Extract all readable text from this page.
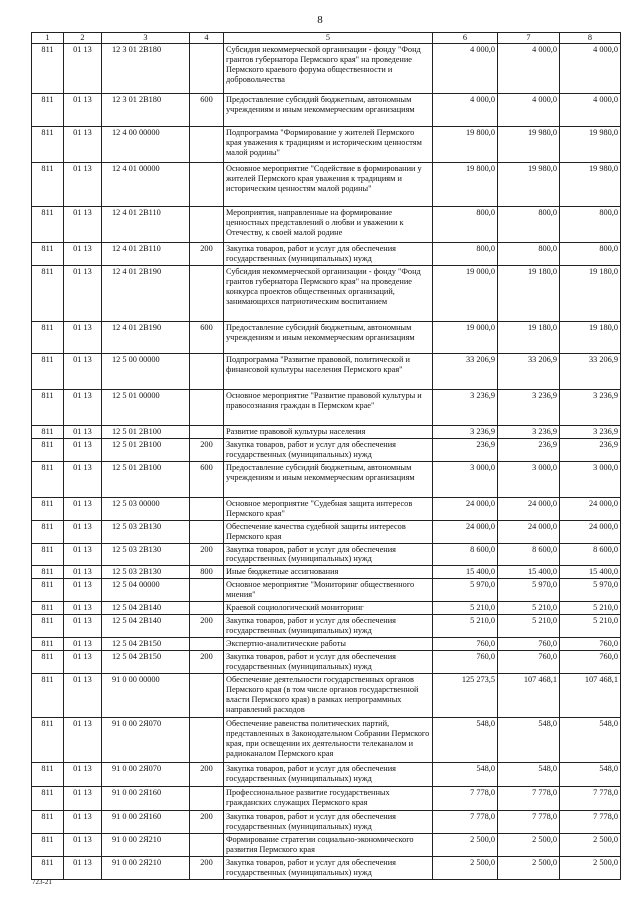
8
1	2	3	4	5	6	7	8
811	01 13	12 3 01 2В180		Субсидия некоммерческой организации - фонду "Фонд грантов губернатора Пермского края" на проведение Пермского краевого форума общественности и добровольчества	4 000,0	4 000,0	4 000,0
811	01 13	12 3 01 2В180	600	Предоставление субсидий бюджетным, автономным учреждениям и иным некоммерческим организациям	4 000,0	4 000,0	4 000,0
811	01 13	12 4 00 00000		Подпрограмма "Формирование у жителей Пермского края уважения к традициям и историческим ценностям малой родины"	19 800,0	19 980,0	19 980,0
811	01 13	12 4 01 00000		Основное мероприятие "Содействие в формировании у жителей Пермского края уважения к традициям и историческим ценностям малой родины"	19 800,0	19 980,0	19 980,0
811	01 13	12 4 01 2В110		Мероприятия, направленные на формирование ценностных представлений о любви и уважении к Отечеству, к своей малой родине	800,0	800,0	800,0
811	01 13	12 4 01 2В110	200	Закупка товаров, работ и услуг для обеспечения государственных (муниципальных) нужд	800,0	800,0	800,0
811	01 13	12 4 01 2В190		Субсидия некоммерческой организации - фонду "Фонд грантов губернатора Пермского края" на проведение конкурса проектов общественных организаций, занимающихся патриотическим воспитанием	19 000,0	19 180,0	19 180,0
811	01 13	12 4 01 2В190	600	Предоставление субсидий бюджетным, автономным учреждениям и иным некоммерческим организациям	19 000,0	19 180,0	19 180,0
811	01 13	12 5 00 00000		Подпрограмма "Развитие правовой, политической и финансовой культуры населения Пермского края"	33 206,9	33 206,9	33 206,9
811	01 13	12 5 01 00000		Основное мероприятие "Развитие правовой культуры и правосознания граждан в Пермском крае"	3 236,9	3 236,9	3 236,9
811	01 13	12 5 01 2В100		Развитие правовой культуры населения	3 236,9	3 236,9	3 236,9
811	01 13	12 5 01 2В100	200	Закупка товаров, работ и услуг для обеспечения государственных (муниципальных) нужд	236,9	236,9	236,9
811	01 13	12 5 01 2В100	600	Предоставление субсидий бюджетным, автономным учреждениям и иным некоммерческим организациям	3 000,0	3 000,0	3 000,0
811	01 13	12 5 03 00000		Основное мероприятие "Судебная защита интересов Пермского края"	24 000,0	24 000,0	24 000,0
811	01 13	12 5 03 2В130		Обеспечение качества судебной защиты интересов Пермского края	24 000,0	24 000,0	24 000,0
811	01 13	12 5 03 2В130	200	Закупка товаров, работ и услуг для обеспечения государственных (муниципальных) нужд	8 600,0	8 600,0	8 600,0
811	01 13	12 5 03 2В130	800	Иные бюджетные ассигнования	15 400,0	15 400,0	15 400,0
811	01 13	12 5 04 00000		Основное мероприятие "Мониторинг общественного мнения"	5 970,0	5 970,0	5 970,0
811	01 13	12 5 04 2В140		Краевой социологический мониторинг	5 210,0	5 210,0	5 210,0
811	01 13	12 5 04 2В140	200	Закупка товаров, работ и услуг для обеспечения государственных (муниципальных) нужд	5 210,0	5 210,0	5 210,0
811	01 13	12 5 04 2В150		Экспертно-аналитические работы	760,0	760,0	760,0
811	01 13	12 5 04 2В150	200	Закупка товаров, работ и услуг для обеспечения государственных (муниципальных) нужд	760,0	760,0	760,0
811	01 13	91 0 00 00000		Обеспечение деятельности государственных органов Пермского края (в том числе органов государственной власти Пермского края) в рамках непрограммных направлений расходов	125 273,5	107 468,1	107 468,1
811	01 13	91 0 00 2Я070		Обеспечение равенства политических партий, представленных в Законодательном Собрании Пермского края, при освещении их деятельности телеканалом и радиоканалом Пермского края	548,0	548,0	548,0
811	01 13	91 0 00 2Я070	200	Закупка товаров, работ и услуг для обеспечения государственных (муниципальных) нужд	548,0	548,0	548,0
811	01 13	91 0 00 2Я160		Профессиональное развитие государственных гражданских служащих Пермского края	7 778,0	7 778,0	7 778,0
811	01 13	91 0 00 2Я160	200	Закупка товаров, работ и услуг для обеспечения государственных (муниципальных) нужд	7 778,0	7 778,0	7 778,0
811	01 13	91 0 00 2Я210		Формирование стратегии социально-экономического развития Пермского края	2 500,0	2 500,0	2 500,0
811	01 13	91 0 00 2Я210	200	Закупка товаров, работ и услуг для обеспечения государственных (муниципальных) нужд	2 500,0	2 500,0	2 500,0
723-21
